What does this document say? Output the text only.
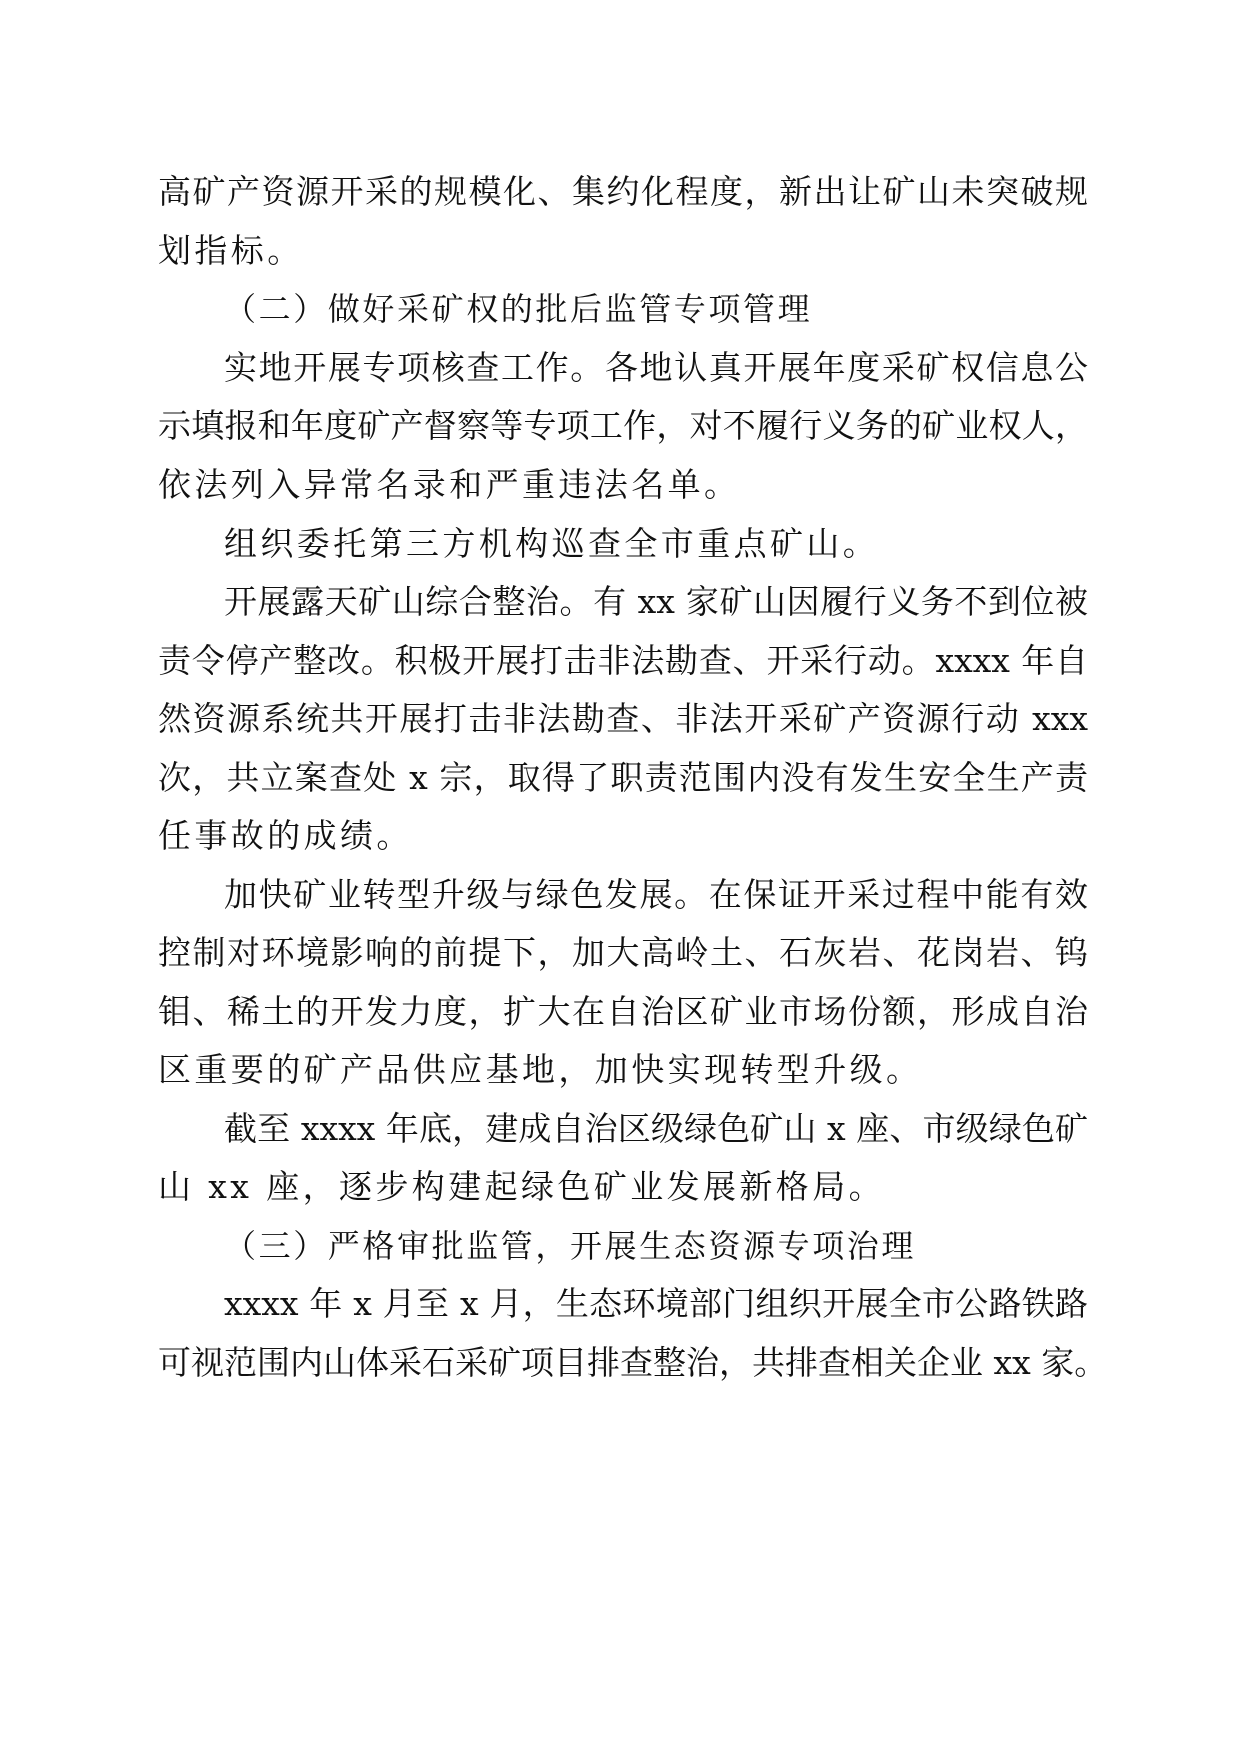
高矿产资源开采的规模化、集约化程度，新出让矿山未突破规
划指标。
（二）做好采矿权的批后监管专项管理
实地开展专项核查工作。各地认真开展年度采矿权信息公
示填报和年度矿产督察等专项工作，对不履行义务的矿业权人，
依法列入异常名录和严重违法名单。
组织委托第三方机构巡查全市重点矿山。
开展露天矿山综合整治。有 xx 家矿山因履行义务不到位被
责令停产整改。积极开展打击非法勘查、开采行动。xxxx 年自
然资源系统共开展打击非法勘查、非法开采矿产资源行动 xxx
次，共立案查处 x 宗，取得了职责范围内没有发生安全生产责
任事故的成绩。
加快矿业转型升级与绿色发展。在保证开采过程中能有效
控制对环境影响的前提下，加大高岭土、石灰岩、花岗岩、钨
钼、稀土的开发力度，扩大在自治区矿业市场份额，形成自治
区重要的矿产品供应基地，加快实现转型升级。
截至 xxxx 年底，建成自治区级绿色矿山 x 座、市级绿色矿
山 xx 座，逐步构建起绿色矿业发展新格局。
（三）严格审批监管，开展生态资源专项治理
xxxx 年 x 月至 x 月，生态环境部门组织开展全市公路铁路
可视范围内山体采石采矿项目排查整治，共排查相关企业 xx 家。
